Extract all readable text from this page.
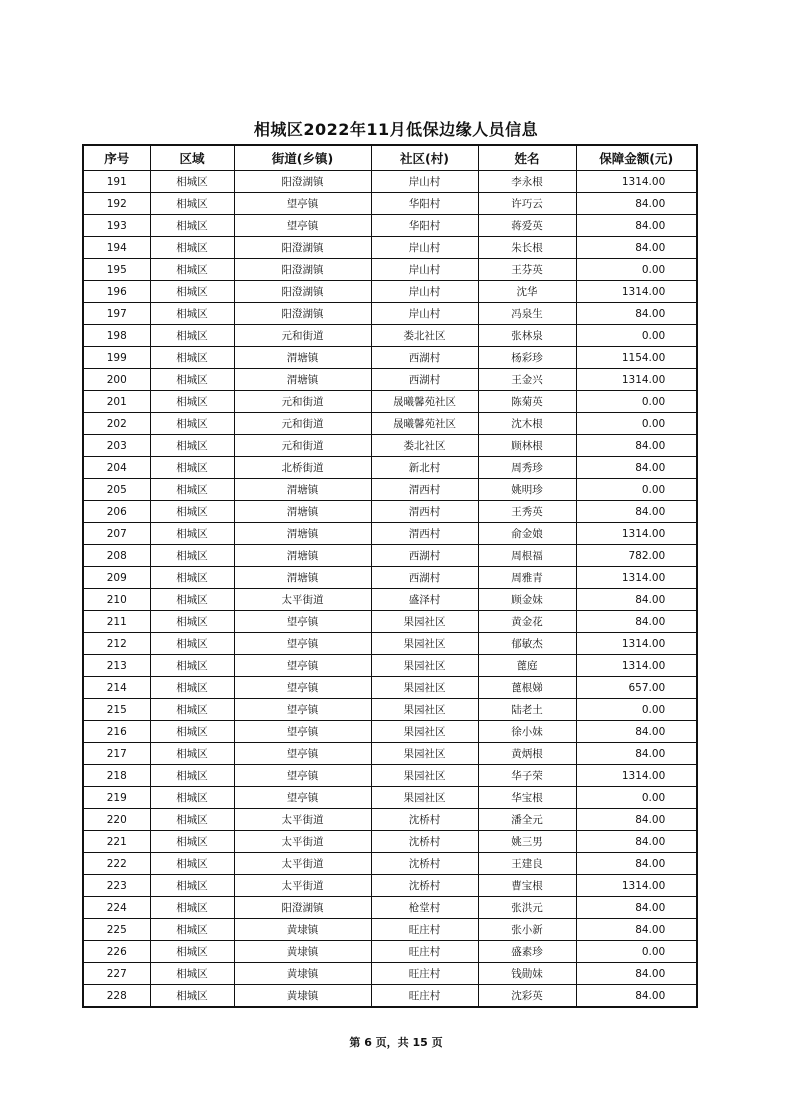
相城区2022年11月低保边缘人员信息
序号	区域	街道(乡镇)	社区(村)	姓名	保障金额(元)
191	相城区	阳澄湖镇	岸山村	李永根	1314.00
192	相城区	望亭镇	华阳村	许巧云	84.00
193	相城区	望亭镇	华阳村	蒋爱英	84.00
194	相城区	阳澄湖镇	岸山村	朱长根	84.00
195	相城区	阳澄湖镇	岸山村	王芬英	0.00
196	相城区	阳澄湖镇	岸山村	沈华	1314.00
197	相城区	阳澄湖镇	岸山村	冯泉生	84.00
198	相城区	元和街道	娄北社区	张林泉	0.00
199	相城区	渭塘镇	西湖村	杨彩珍	1154.00
200	相城区	渭塘镇	西湖村	王金兴	1314.00
201	相城区	元和街道	晟曦馨苑社区	陈菊英	0.00
202	相城区	元和街道	晟曦馨苑社区	沈木根	0.00
203	相城区	元和街道	娄北社区	顾林根	84.00
204	相城区	北桥街道	新北村	周秀珍	84.00
205	相城区	渭塘镇	渭西村	姚明珍	0.00
206	相城区	渭塘镇	渭西村	王秀英	84.00
207	相城区	渭塘镇	渭西村	俞金娘	1314.00
208	相城区	渭塘镇	西湖村	周根福	782.00
209	相城区	渭塘镇	西湖村	周雅青	1314.00
210	相城区	太平街道	盛泽村	顾金妹	84.00
211	相城区	望亭镇	果园社区	黄金花	84.00
212	相城区	望亭镇	果园社区	郁敏杰	1314.00
213	相城区	望亭镇	果园社区	蓖庭	1314.00
214	相城区	望亭镇	果园社区	蓖根娣	657.00
215	相城区	望亭镇	果园社区	陆老土	0.00
216	相城区	望亭镇	果园社区	徐小妹	84.00
217	相城区	望亭镇	果园社区	黄炳根	84.00
218	相城区	望亭镇	果园社区	华子荣	1314.00
219	相城区	望亭镇	果园社区	华宝根	0.00
220	相城区	太平街道	沈桥村	潘全元	84.00
221	相城区	太平街道	沈桥村	姚三男	84.00
222	相城区	太平街道	沈桥村	王建良	84.00
223	相城区	太平街道	沈桥村	曹宝根	1314.00
224	相城区	阳澄湖镇	枪堂村	张洪元	84.00
225	相城区	黄埭镇	旺庄村	张小新	84.00
226	相城区	黄埭镇	旺庄村	盛素珍	0.00
227	相城区	黄埭镇	旺庄村	钱勋妹	84.00
228	相城区	黄埭镇	旺庄村	沈彩英	84.00
第 6 页，共 15 页
